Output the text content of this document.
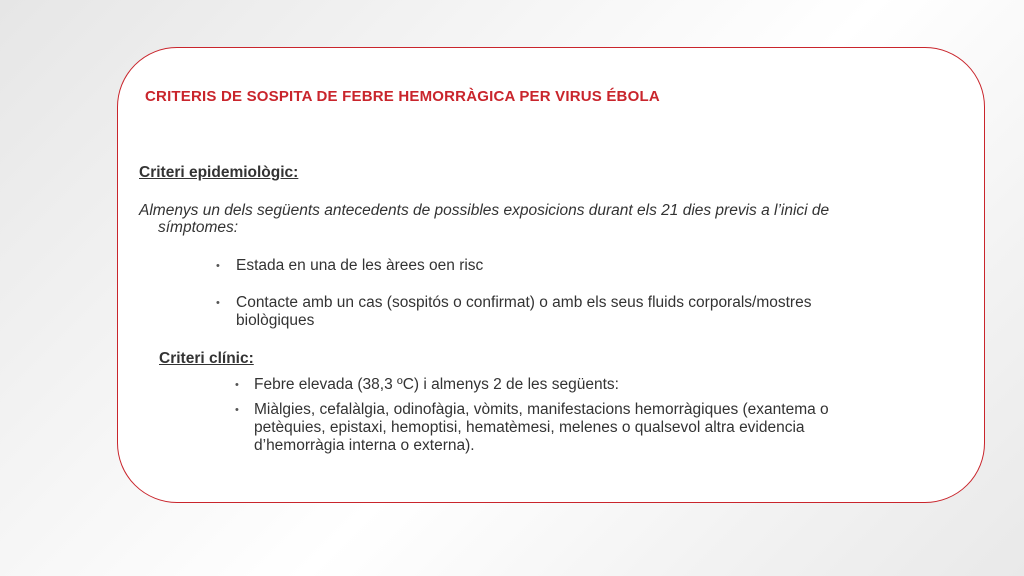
CRITERIS DE SOSPITA DE FEBRE HEMORRÀGICA PER VIRUS ÉBOLA
Criteri epidemiològic:
Almenys un dels següents antecedents de possibles exposicions durant els 21 dies previs a l’inici de
símptomes:
• Estada en una de les àrees oen risc
• Contacte amb un cas (sospitós o confirmat) o amb els seus fluids corporals/mostres
biològiques
Criteri clínic:
• Febre elevada (38,3 ºC) i almenys 2 de les següents:
• Miàlgies, cefalàlgia, odinofàgia, vòmits, manifestacions hemorràgiques (exantema o
petèquies, epistaxi, hemoptisi, hematèmesi, melenes o qualsevol altra evidencia
d’hemorràgia interna o externa).
